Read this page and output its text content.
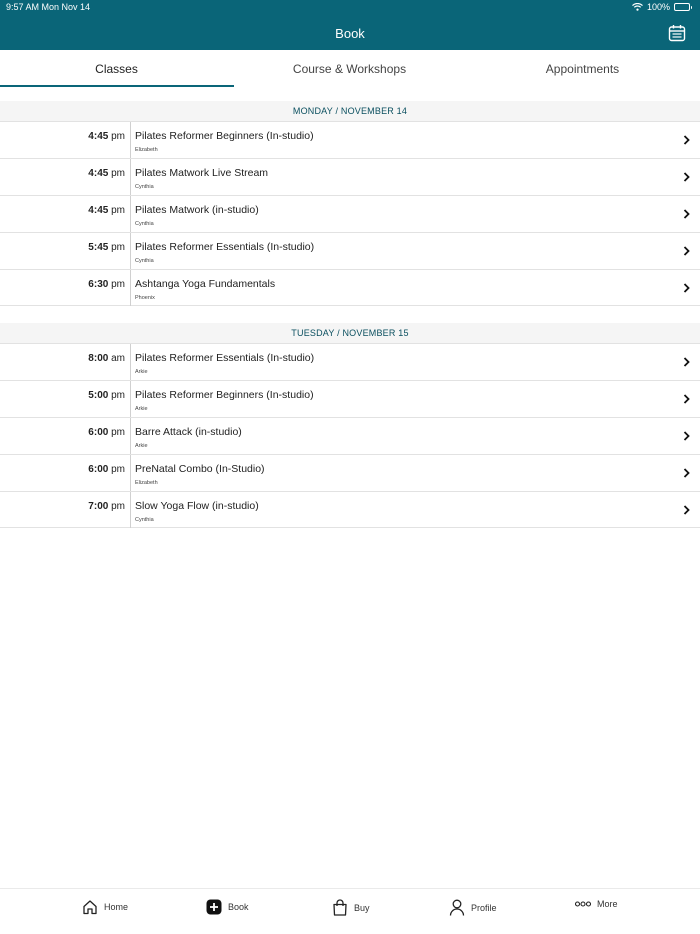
9:57 AM Mon Nov 14	100%
Book
Classes	Course & Workshops	Appointments
MONDAY / NOVEMBER 14
4:45 pm Pilates Reformer Beginners (In-studio)
Elizabeth
4:45 pm Pilates Matwork Live Stream
Cynthia
4:45 pm Pilates Matwork (in-studio)
Cynthia
5:45 pm Pilates Reformer Essentials (In-studio)
Cynthia
6:30 pm Ashtanga Yoga Fundamentals
Phoenix
TUESDAY / NOVEMBER 15
8:00 am Pilates Reformer Essentials (In-studio)
Arkie
5:00 pm Pilates Reformer Beginners (In-studio)
Arkie
6:00 pm Barre Attack (in-studio)
Arkie
6:00 pm PreNatal Combo (In-Studio)
Elizabeth
7:00 pm Slow Yoga Flow (in-studio)
Cynthia
Home	Book	Buy	Profile	More
